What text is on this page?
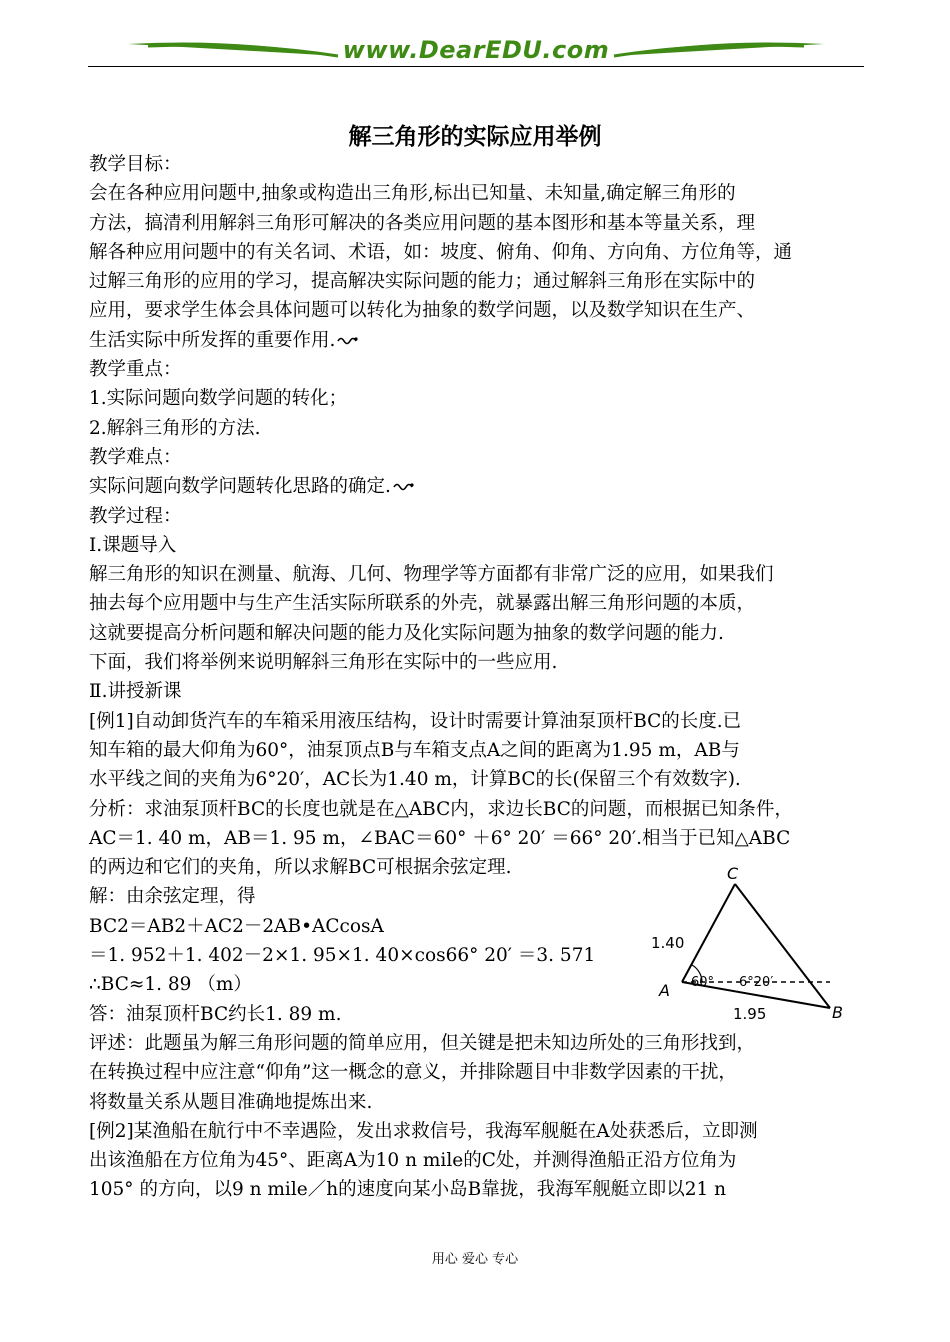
www.DearEDU.com
解三角形的实际应用举例
教学目标：
会在各种应用问题中,抽象或构造出三角形,标出已知量、未知量,确定解三角形的
方法，搞清利用解斜三角形可解决的各类应用问题的基本图形和基本等量关系，理
解各种应用问题中的有关名词、术语，如：坡度、俯角、仰角、方向角、方位角等，通
过解三角形的应用的学习，提高解决实际问题的能力；通过解斜三角形在实际中的
应用，要求学生体会具体问题可以转化为抽象的数学问题，以及数学知识在生产、
生活实际中所发挥的重要作用.
教学重点：
1.实际问题向数学问题的转化；
2.解斜三角形的方法.
教学难点：
实际问题向数学问题转化思路的确定.
教学过程：
Ⅰ.课题导入
解三角形的知识在测量、航海、几何、物理学等方面都有非常广泛的应用，如果我们
抽去每个应用题中与生产生活实际所联系的外壳，就暴露出解三角形问题的本质，
这就要提高分析问题和解决问题的能力及化实际问题为抽象的数学问题的能力.
下面，我们将举例来说明解斜三角形在实际中的一些应用.
Ⅱ.讲授新课
[例1]自动卸货汽车的车箱采用液压结构，设计时需要计算油泵顶杆BC的长度.已
知车箱的最大仰角为60°，油泵顶点B与车箱支点A之间的距离为1.95 m，AB与
水平线之间的夹角为6°20′，AC长为1.40 m，计算BC的长(保留三个有效数字).
分析：求油泵顶杆BC的长度也就是在△ABC内，求边长BC的问题，而根据已知条件，
AC＝1. 40 m，AB＝1. 95 m，∠BAC＝60° ＋6° 20′ ＝66° 20′.相当于已知△ABC
的两边和它们的夹角，所以求解BC可根据余弦定理.
解：由余弦定理，得
BC2＝AB2＋AC2－2AB•ACcosA
＝1. 952＋1. 402－2×1. 95×1. 40×cos66° 20′ ＝3. 571
∴BC≈1. 89 （m）
答：油泵顶杆BC约长1. 89 m.
评述：此题虽为解三角形问题的简单应用，但关键是把未知边所处的三角形找到，
在转换过程中应注意“仰角”这一概念的意义，并排除题目中非数学因素的干扰，
将数量关系从题目准确地提炼出来.
[例2]某渔船在航行中不幸遇险，发出求救信号，我海军舰艇在A处获悉后，立即测
出该渔船在方位角为45°、距离A为10 n mile的C处，并测得渔船正沿方位角为
105° 的方向，以9 n mile／h的速度向某小岛B靠拢，我海军舰艇立即以21 n
C
A
B
1.40
60° 6°20′
1.95
用心 爱心 专心
